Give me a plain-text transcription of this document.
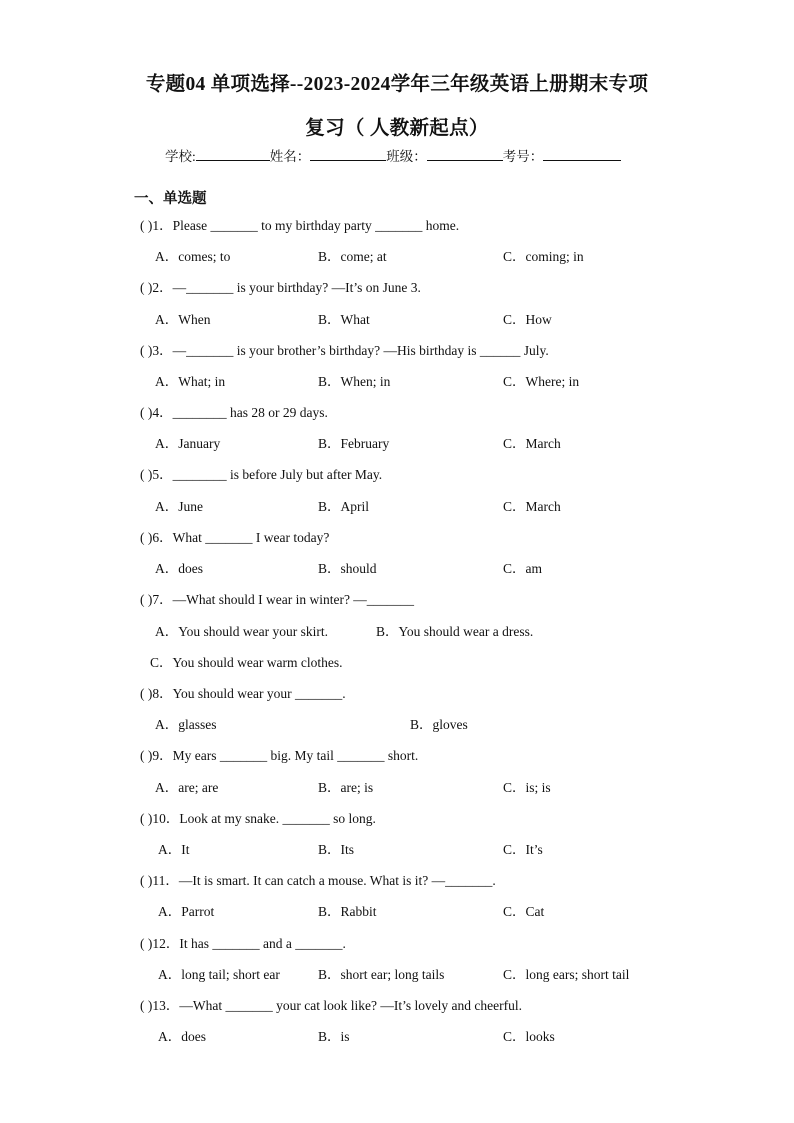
专题04 单项选择--2023-2024学年三年级英语上册期末专项
复习（ 人教新起点）
学校:	姓名：	班级：	考号：
一、单选题
( )1．Please _______ to my birthday party _______ home.
A．comes; to	B．come; at	C．coming; in
( )2．—_______ is your birthday? —It’s on June 3.
A．When	B．What	C．How
( )3．—_______ is your brother’s birthday? —His birthday is ______ July.
A．What; in	B．When; in	C．Where; in
( )4．________ has 28 or 29 days.
A．January	B．February	C．March
( )5．________ is before July but after May.
A．June	B．April	C．March
( )6．What _______ I wear today?
A．does	B．should	C．am
( )7．—What should I wear in winter? —_______
A．You should wear your skirt.	B．You should wear a dress.
C．You should wear warm clothes.
( )8．You should wear your _______.
A．glasses	B．gloves
( )9．My ears _______ big. My tail _______ short.
A．are; are	B．are; is	C．is; is
( )10．Look at my snake. _______ so long.
A．It	B．Its	C．It’s
( )11．—It is smart. It can catch a mouse. What is it? —_______.
A．Parrot	B．Rabbit	C．Cat
( )12．It has _______ and a _______.
A．long tail; short ear	B．short ear; long tails	C．long ears; short tail
( )13．—What _______ your cat look like? —It’s lovely and cheerful.
A．does	B．is	C．looks
